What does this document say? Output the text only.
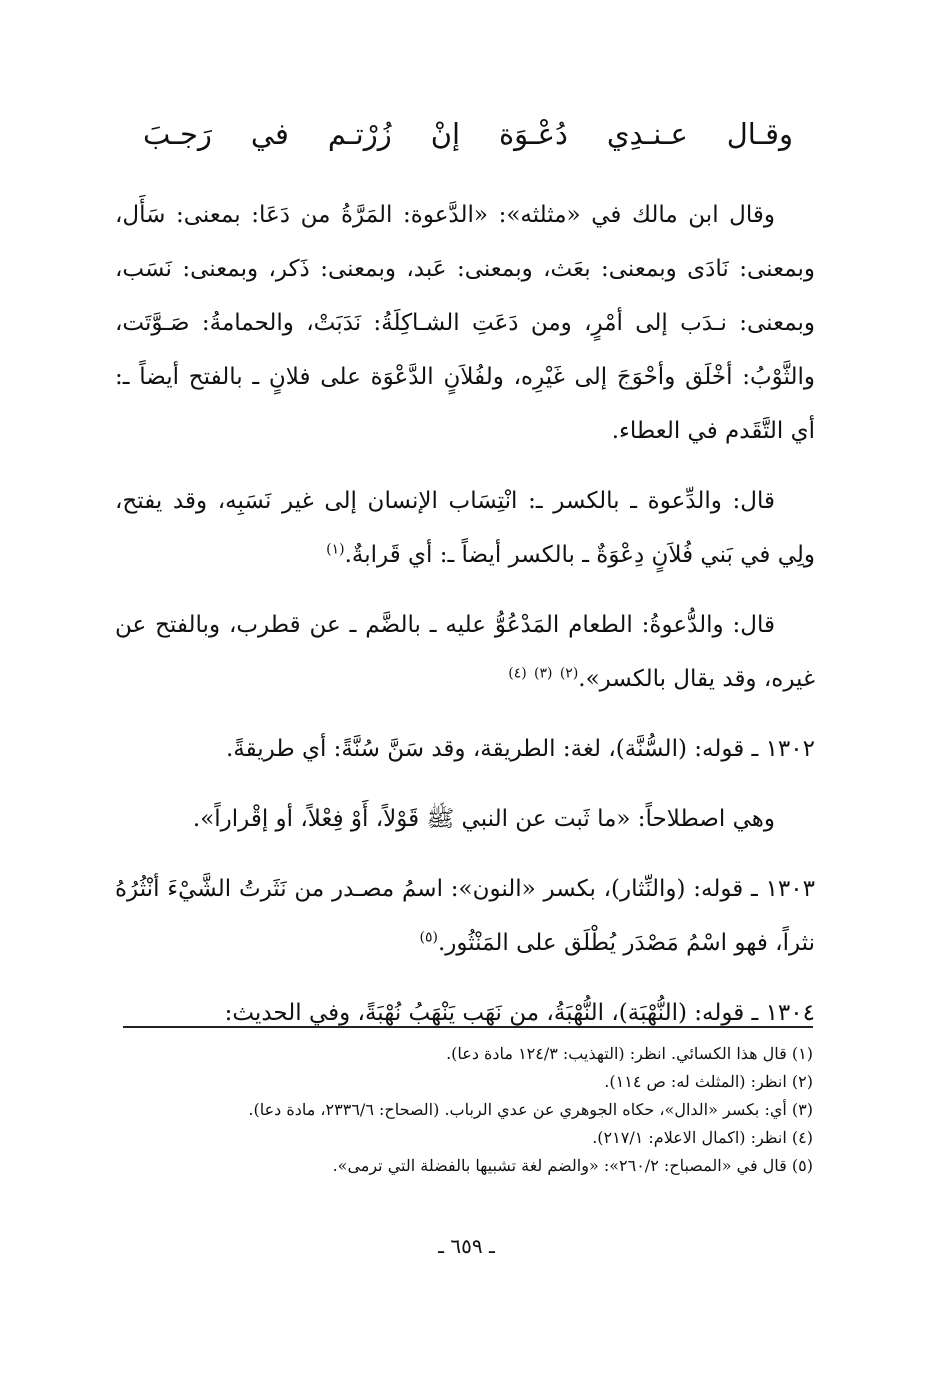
وقـال
عـنـدِي
دُعْـوَة
إنْ
زُرْتـم
في
رَجـبَ

وقال ابن مالك في «مثلثه»: «الدَّعوة: المَرَّةُ من دَعَا: بمعنى: سَأَل، وبمعنى: نَادَى وبمعنى: بعَث، وبمعنى: عَبد، وبمعنى: ذَكر، وبمعنى: نَسَب، وبمعنى: نـدَب إلى أمْرٍ، ومن دَعَتِ الشـاكِلَةُ: نَدَبَتْ، والحمامةُ: صَـوَّتَت، والثَّوْبُ: أخْلَق وأحْوَجَ إلى غَيْرِه، ولفُلاَنٍ الدَّعْوَة على فلانٍ ـ بالفتح أيضاً ـ: أي التَّقَدم في العطاء.

قال: والدِّعوة ـ بالكسر ـ: انْتِسَاب الإنسان إلى غير نَسَبِه، وقد يفتح، ولِي في بَني فُلاَنٍ دِعْوَةٌ ـ بالكسر أيضاً ـ: أي قَرابةٌ.$^{(١)}$

قال: والدُّعوةُ: الطعام المَدْعُوُّ عليه ـ بالضَّم ـ عن قطرب، وبالفتح عن غيره، وقد يقال بالكسر».$^{(٢)}$ $^{(٣)}$ $^{(٤)}$

١٣٠٢ ـ قوله: (السُّنَّة)، لغة: الطريقة، وقد سَنَّ سُنَّةً: أي طريقةً.

وهي اصطلاحاً: «ما ثَبت عن النبي ﷺ قَوْلاً، أَوْ فِعْلاً، أو إقْراراً».

١٣٠٣ ـ قوله: (والنِّثار)، بكسر «النون»: اسمُ مصـدر من نَثَرتُ الشَّيْءَ أنْثُرُهُ نثراً، فهو اسْمُ مَصْدَر يُطْلَق على المَنْثُور.$^{(٥)}$

١٣٠٤ ـ قوله: (النُّهْبَة)، النُّهْبَةُ، من نَهَب يَنْهَبُ نُهْبَةً، وفي الحديث:

(١) قال هذا الكسائي. انظر: (التهذيب: ١٢٤/٣ مادة دعا).
(٢) انظر: (المثلث له: ص ١١٤).
(٣) أي: بكسر «الدال»، حكاه الجوهري عن عدي الرباب. (الصحاح: ٢٣٣٦/٦، مادة دعا).
(٤) انظر: (اكمال الاعلام: ٢١٧/١).
(٥) قال في «المصباح: ٢٦٠/٢»: «والضم لغة تشبيها بالفضلة التي ترمى».
ـ ٦٥٩ ـ
